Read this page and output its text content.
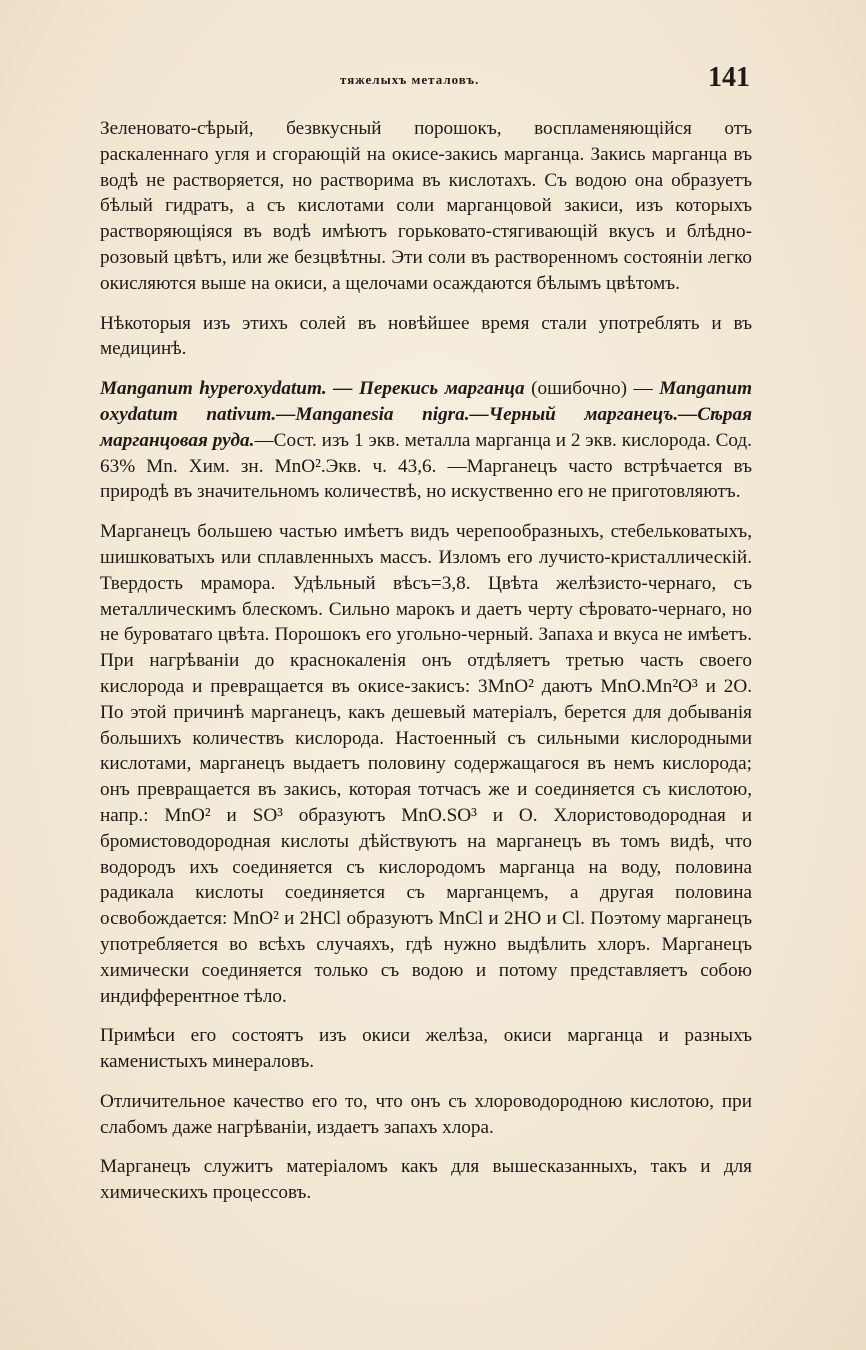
тяжелыхъ металовъ.	141

Зеленовато-сѣрый, безвкусный порошокъ, воспламеняющійся отъ раскаленнаго угля и сгорающій на окисе-закись марганца. Закись марганца въ водѣ не растворяется, но растворима въ кислотахъ. Съ водою она образуетъ бѣлый гидратъ, а съ кислотами соли марганцовой закиси, изъ которыхъ растворяющіяся въ водѣ имѣютъ горьковато-стягивающій вкусъ и блѣдно-розовый цвѣтъ, или же безцвѣтны. Эти соли въ растворенномъ состояніи легко окисляются выше на окиси, а щелочами осаждаются бѣлымъ цвѣтомъ.

Нѣкоторыя изъ этихъ солей въ новѣйшее время стали употреблять и въ медицинѣ.

Manganum hyperoxydatum. — Перекись марганца (ошибочно) — Manganum oxydatum nativum.—Manganesia nigra.—Черный марганецъ.—Сѣрая марганцовая руда.—Сост. изъ 1 экв. металла марганца и 2 экв. кислорода. Сод. 63% Mn. Хим. зн. MnO².Экв. ч. 43,6. —Марганецъ часто встрѣчается въ природѣ въ значительномъ количествѣ, но искуственно его не приготовляютъ.

Марганецъ большею частью имѣетъ видъ черепообразныхъ, стебельковатыхъ, шишковатыхъ или сплавленныхъ массъ. Изломъ его лучисто-кристаллическій. Твердость мрамора. Удѣльный вѣсъ=3,8. Цвѣта желѣзисто-чернаго, съ металлическимъ блескомъ. Сильно марокъ и даетъ черту сѣровато-чернаго, но не буроватаго цвѣта. Порошокъ его угольно-черный. Запаха и вкуса не имѣетъ. При нагрѣваніи до краснокаленія онъ отдѣляетъ третью часть своего кислорода и превращается въ окисе-закисъ: 3MnO² даютъ MnO.Mn²O³ и 2O. По этой причинѣ марганецъ, какъ дешевый матеріалъ, берется для добыванія большихъ количествъ кислорода. Настоенный съ сильными кислородными кислотами, марганецъ выдаетъ половину содержащагося въ немъ кислорода; онъ превращается въ закись, которая тотчасъ же и соединяется съ кислотою, напр.: MnO² и SO³ образуютъ MnO.SO³ и O. Хлористоводородная и бромистоводородная кислоты дѣйствуютъ на марганецъ въ томъ видѣ, что водородъ ихъ соединяется съ кислородомъ марганца на воду, половина радикала кислоты соединяется съ марганцемъ, а другая половина освобождается: MnO² и 2HCl образуютъ MnCl и 2HO и Cl. Поэтому марганецъ употребляется во всѣхъ случаяхъ, гдѣ нужно выдѣлить хлоръ. Марганецъ химически соединяется только съ водою и потому представляетъ собою индифферентное тѣло.

Примѣси его состоятъ изъ окиси желѣза, окиси марганца и разныхъ каменистыхъ минераловъ.

Отличительное качество его то, что онъ съ хлороводородною кислотою, при слабомъ даже нагрѣваніи, издаетъ запахъ хлора.

Марганецъ служитъ матеріаломъ какъ для вышесказанныхъ, такъ и для химическихъ процессовъ.
